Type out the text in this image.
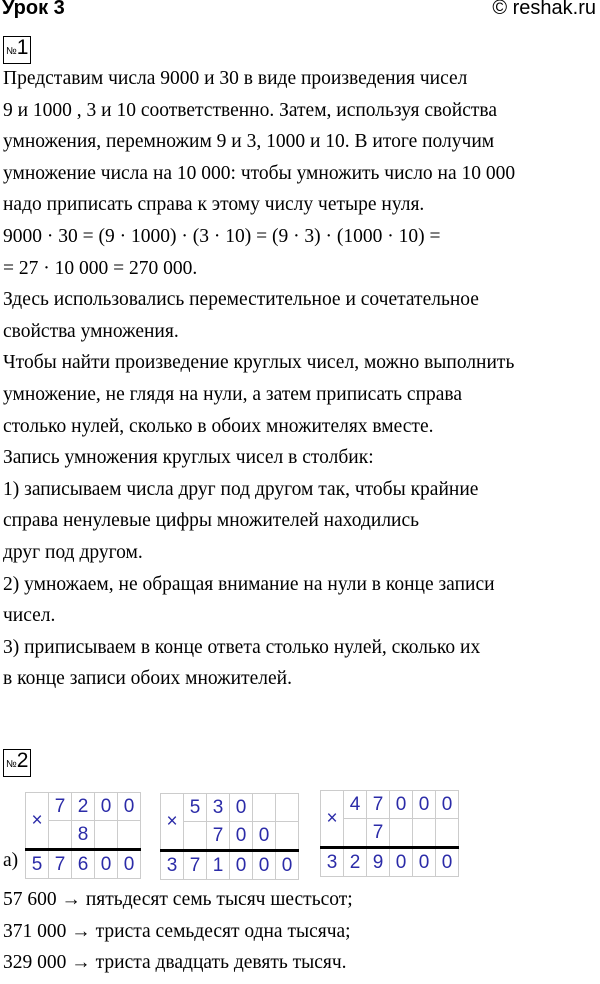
Урок 3	© reshak.ru
№1
Представим числа 9000 и 30 в виде произведения чисел
9 и 1000 , 3 и 10 соответственно. Затем, используя свойства
умножения, перемножим 9 и 3, 1000 и 10. В итоге получим
умножение числа на 10 000: чтобы умножить число на 10 000
надо приписать справа к этому числу четыре нуля.
9000 · 30 = (9 · 1000) · (3 · 10) = (9 · 3) · (1000 · 10) =
= 27 · 10 000 = 270 000.
Здесь использовались переместительное и сочетательное
свойства умножения.
Чтобы найти произведение круглых чисел, можно выполнить
умножение, не глядя на нули, а затем приписать справа
столько нулей, сколько в обоих множителях вместе.
Запись умножения круглых чисел в столбик:
1) записываем числа друг под другом так, чтобы крайние
справа ненулевые цифры множителей находились
друг под другом.
2) умножаем, не обращая внимание на нули в конце записи
чисел.
3) приписываем в конце ответа столько нулей, сколько их
в конце записи обоих множителей.
№2
а)
×	7	2	0	0
		8		
5	7	6	0	0
×	5	3	0		
		7	0	0	
3	7	1	0	0	0
×	4	7	0	0	0
		7			
3	2	9	0	0	0
57 600 → пятьдесят семь тысяч шестьсот;
371 000 → триста семьдесят одна тысяча;
329 000 → триста двадцать девять тысяч.
